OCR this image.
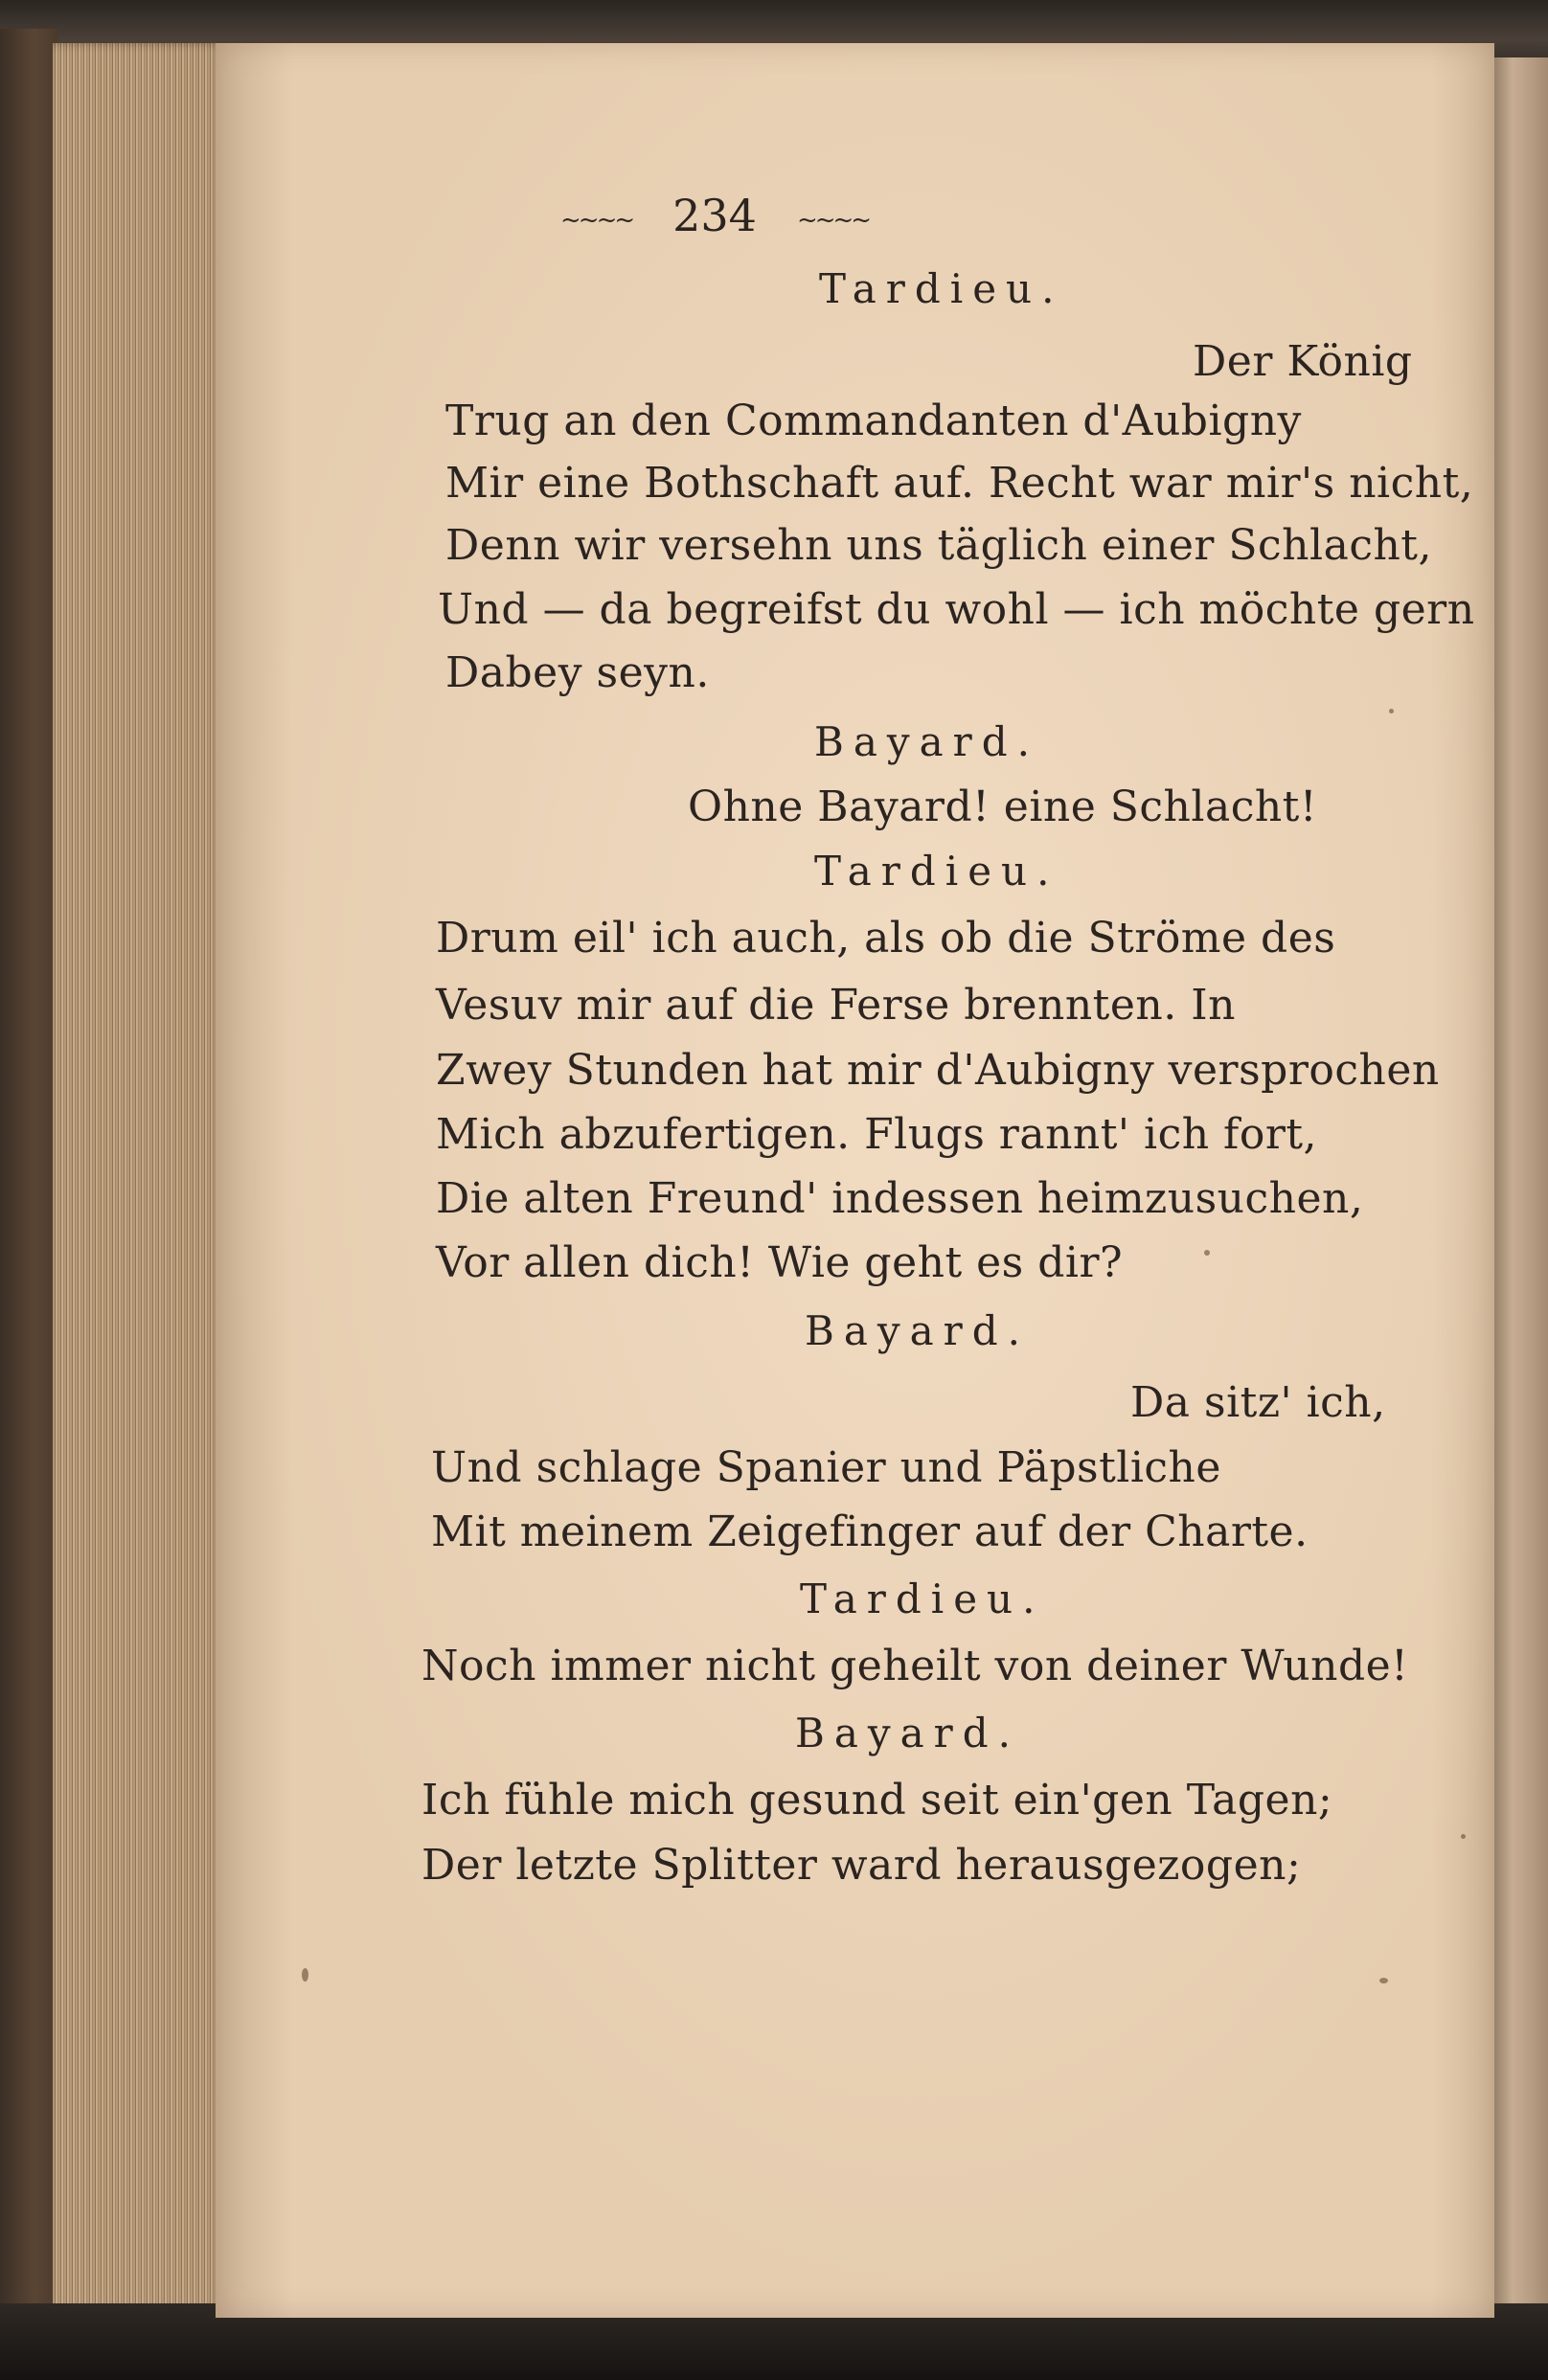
~~~~ 234 ~~~~
Tardieu.
Der König
Trug an den Commandanten d'Aubigny
Mir eine Bothschaft auf. Recht war mir's nicht,
Denn wir versehn uns täglich einer Schlacht,
Und — da begreifst du wohl — ich möchte gern
Dabey seyn.
Bayard.
Ohne Bayard! eine Schlacht!
Tardieu.
Drum eil' ich auch, als ob die Ströme des
Vesuv mir auf die Ferse brennten. In
Zwey Stunden hat mir d'Aubigny versprochen
Mich abzufertigen. Flugs rannt' ich fort,
Die alten Freund' indessen heimzusuchen,
Vor allen dich! Wie geht es dir?
Bayard.
Da sitz' ich,
Und schlage Spanier und Päpstliche
Mit meinem Zeigefinger auf der Charte.
Tardieu.
Noch immer nicht geheilt von deiner Wunde!
Bayard.
Ich fühle mich gesund seit ein'gen Tagen;
Der letzte Splitter ward herausgezogen;
